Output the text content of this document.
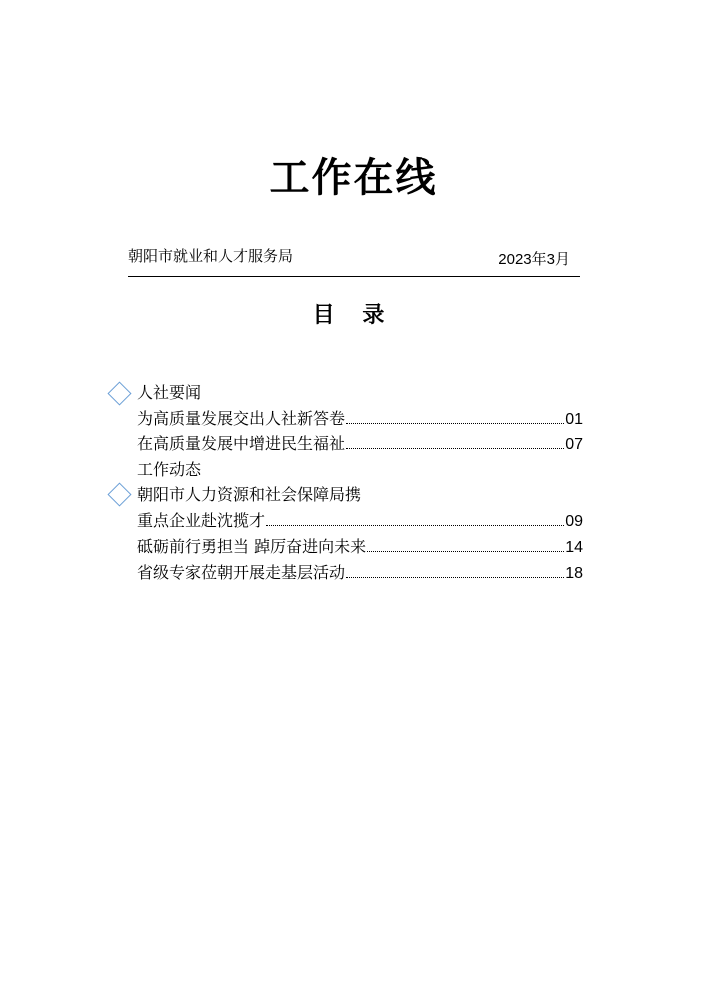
工作在线
朝阳市就业和人才服务局	2023年3月
目 录
人社要闻
为高质量发展交出人社新答卷	01
在高质量发展中增进民生福祉	07
工作动态
朝阳市人力资源和社会保障局携
重点企业赴沈揽才	09
砥砺前行勇担当 踔厉奋进向未来	14
省级专家莅朝开展走基层活动	18
